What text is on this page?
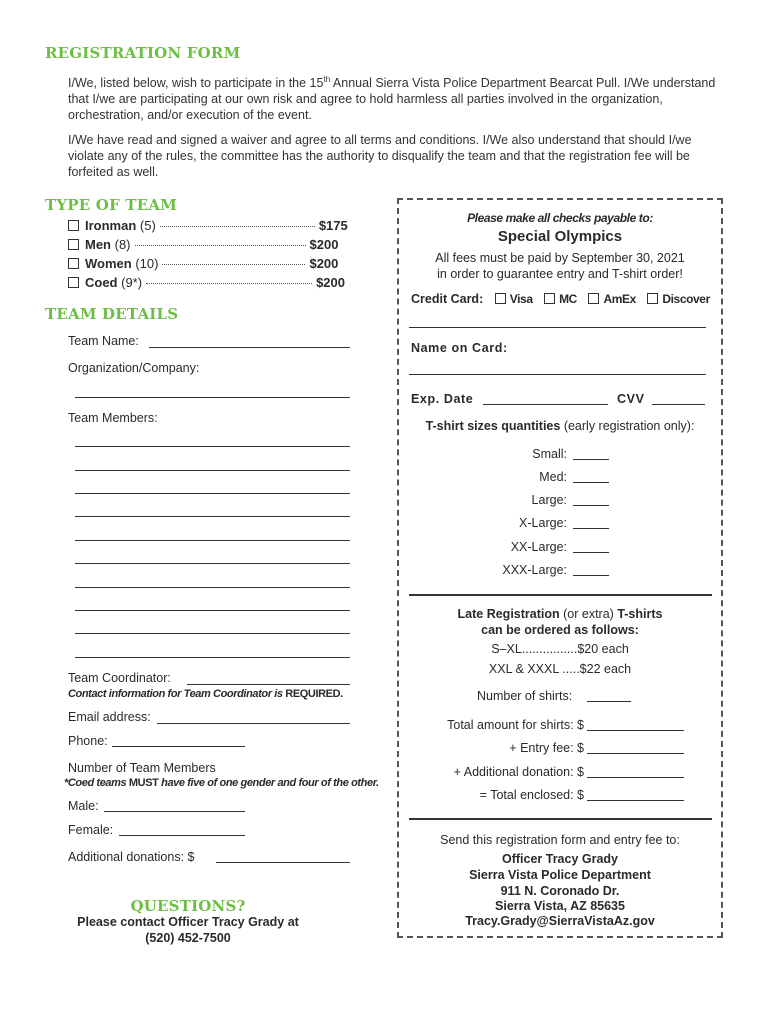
REGISTRATION FORM
I/We, listed below, wish to participate in the 15th Annual Sierra Vista Police Department Bearcat Pull. I/We understand that I/we are participating at our own risk and agree to hold harmless all parties involved in the organization, orchestration, and/or execution of the event.
I/We have read and signed a waiver and agree to all terms and conditions. I/We also understand that should I/we violate any of the rules, the committee has the authority to disqualify the team and that the registration fee will be forfeited as well.
TYPE OF TEAM
Ironman (5)	$175
Men (8)	$200
Women (10)	$200
Coed (9*)	$200
TEAM DETAILS
Team Name:
Organization/Company:
Team Members:
Team Coordinator:
Contact information for Team Coordinator is REQUIRED.
Email address:
Phone:
Number of Team Members
*Coed teams MUST have five of one gender and four of the other.
Male:
Female:
Additional donations: $
QUESTIONS?
Please contact Officer Tracy Grady at
(520) 452-7500
Please make all checks payable to:
Special Olympics
All fees must be paid by September 30, 2021
in order to guarantee entry and T-shirt order!
Credit Card: Visa MC AmEx Discover
Name on Card:
Exp. Date	CVV
T-shirt sizes quantities (early registration only):
Small:
Med:
Large:
X-Large:
XX-Large:
XXX-Large:
Late Registration (or extra) T-shirts
can be ordered as follows:
S–XL................$20 each
XXL & XXXL .....$22 each
Number of shirts:
Total amount for shirts: $
+ Entry fee: $
+ Additional donation: $
= Total enclosed: $
Send this registration form and entry fee to:
Officer Tracy Grady
Sierra Vista Police Department
911 N. Coronado Dr.
Sierra Vista, AZ 85635
Tracy.Grady@SierraVistaAz.gov
